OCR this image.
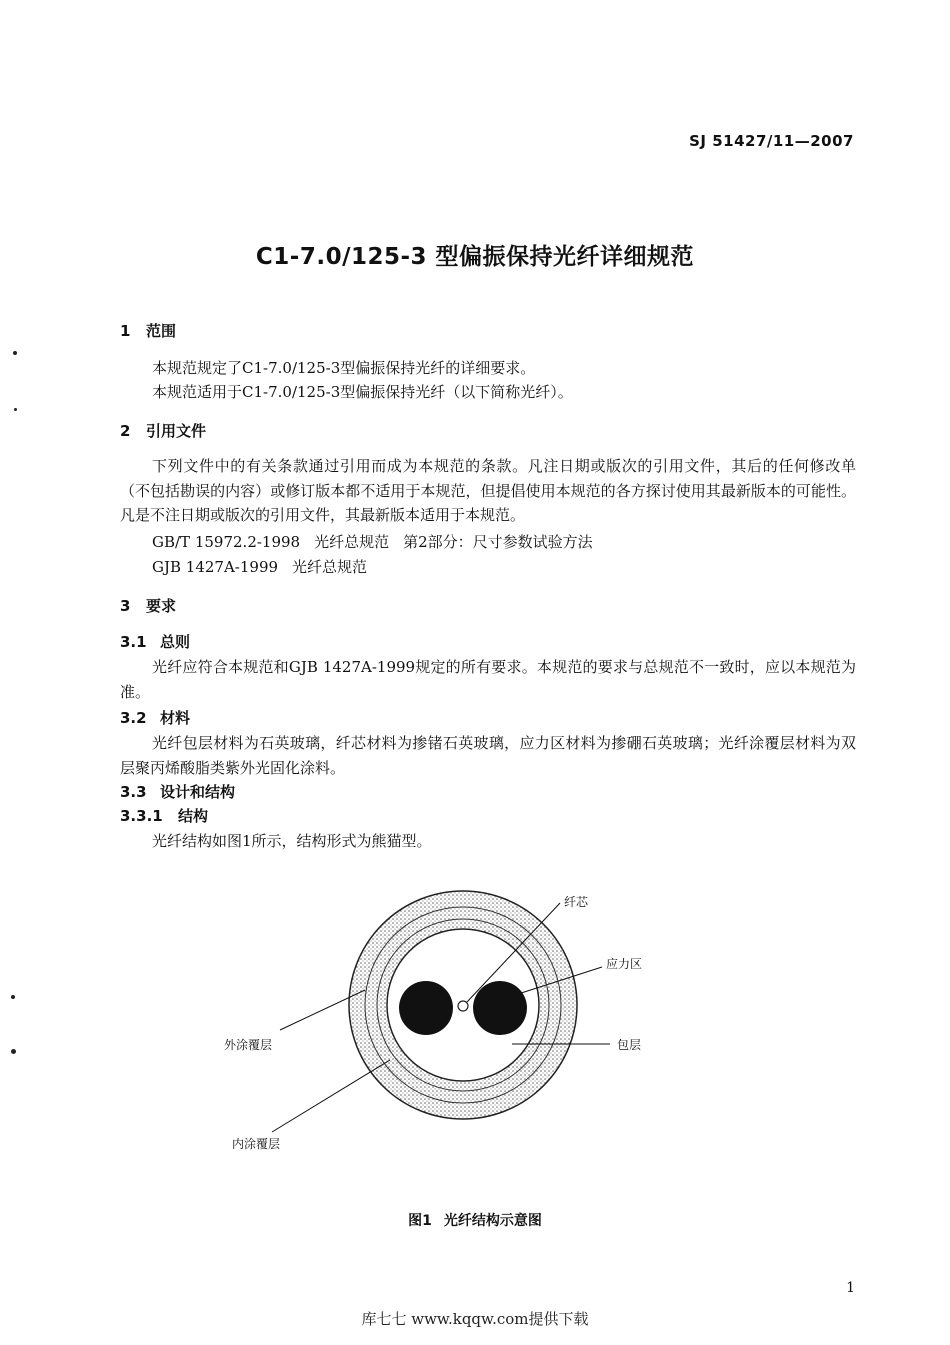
SJ 51427/11—2007
C1-7.0/125-3 型偏振保持光纤详细规范
1 范围
本规范规定了C1-7.0/125-3型偏振保持光纤的详细要求。
本规范适用于C1-7.0/125-3型偏振保持光纤（以下简称光纤）。
2 引用文件
下列文件中的有关条款通过引用而成为本规范的条款。凡注日期或版次的引用文件，其后的任何修改单（不包括勘误的内容）或修订版本都不适用于本规范，但提倡使用本规范的各方探讨使用其最新版本的可能性。凡是不注日期或版次的引用文件，其最新版本适用于本规范。
GB/T 15972.2-1998 光纤总规范 第2部分：尺寸参数试验方法
GJB 1427A-1999 光纤总规范
3 要求
3.1 总则
光纤应符合本规范和GJB 1427A-1999规定的所有要求。本规范的要求与总规范不一致时，应以本规范为准。
3.2 材料
光纤包层材料为石英玻璃，纤芯材料为掺锗石英玻璃，应力区材料为掺硼石英玻璃；光纤涂覆层材料为双层聚丙烯酸脂类紫外光固化涂料。
3.3 设计和结构
3.3.1 结构
光纤结构如图1所示，结构形式为熊猫型。
纤芯
应力区
包层
外涂覆层
内涂覆层
图1 光纤结构示意图
1
库七七 www.kqqw.com提供下载
